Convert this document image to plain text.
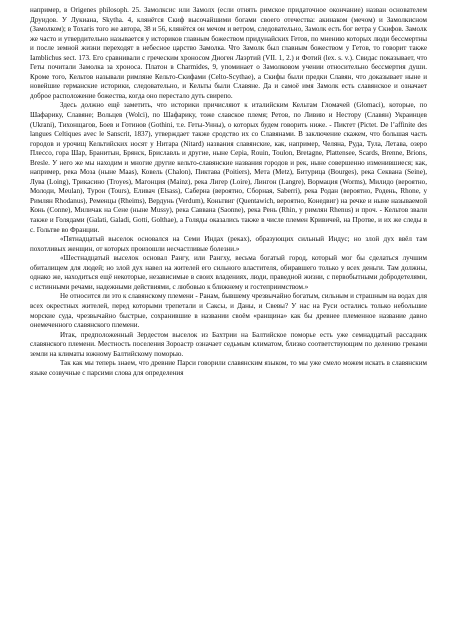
например, в Origenes philosoph. 25. Замолксис или Замолх (если отнять римское придаточное окончание) назван основателем Друидов. У Лукиана, Skytha. 4, клянётся Скиф высочайшими богами своего отечества: акинаком (мечом) и Замолкисном (Замолком); в Toxaris того же автора, 38 и 56, клянётся он мечом и ветром, следовательно, Замолк есть бог ветра у Скифов. Замолк же часто и утвердительно называется у историков главным божеством придунайских Гетов, по мнению которых люди бессмертны и после земной жизни переходят в небесное царство Замолка. Что Замолк был главным божеством у Гетов, то говорит также Iamblichus sect. 173. Его сравнивали с греческим хроносом Диоген Лаэртий (VII. 1, 2.) и Фотий (lex. s. v.). Свидас показывает, что Геты почитали Замолка за хроноса. Платон в Charmides, 9, упоминает о Замолковом учении относительно бессмертия души. Кроме того, Кельтов называли римляне Кельто-Скифами (Celto-Scythae), а Скифы были предки Славян, что доказывает ныне и новейшие германские историки, следовательно, и Кельты были Славяне. Да и самоё имя Замолк есть славянское и означает доброе расположение божества, когда оно перестало дуть свирепо.

Здесь должно ещё заметить, что историки причисляют к италийским Кельтам Гломачей (Glomaci), которые, по Шафарику, Славяне; Вольцев (Wolci), по Шафарику, тоже славское племя; Ретов, по Ливию и Нестору (Славян) Украинцев (Ukrani), Тихонщагов, Боев и Готинов (Gothini, т.е. Геты-Унны), о которых будем говорить ниже. - Пиктет (Pictet. De l’affinite des langues Celtiques avec le Sanscrit, 1837), утверждает также сродство их со Славянами. В заключение скажем, что большая часть городов и урочищ Кельтийских носят у Нитара (Nitard) названия славянские, как, например, Челяна, Руда, Тула, Летава, озеро Плессо, гора Шар, Бранитын, Брянск, Бриславль и другие, ныне Сepia, Rouin, Toulon, Bretagne, Plattensee, Scards, Brenne, Brions, Bresle. У него же мы находим и многие другие кельто-славянские названия городов и рек, ныне совершенно изменившиеся; как, например, река Моза (ныне Maas), Ковель (Chalon), Пиктава (Poitiers), Мета (Metz), Битурица (Bourges), река Секвана (Seine), Лува (Loing), Трикасино (Troyes), Магонция (Mainz), река Лигер (Loire), Лингон (Langre), Вормация (Worms), Милидо (вероятно, Молоди, Meulan), Турон (Tours), Еливач (Elsass), Саберна (вероятно, Сборная, Saberri), река Родан (вероятно, Родень, Rhone, у Римлян Rhodanus), Ременцы (Rheims), Вердунь (Verdum), Коньтвиг (Quentawich, вероятно, Конедвиг) на речке и ныне называемой Конь (Conne), Миличак на Сене (ныне Mussy), река Саввана (Saonne), река Рень (Rhin, у римлян Rhenus) и проч. - Кельтов звали также и Голядами (Galati, Galadi, Gotti, Golthae), а Голяды оказались также в числе племен Кривичей, на Протве, и их же следы в с. Гольтве во Франции.

«Пятнадцатый выселок основался на Семи Индах (рекax), образующих сильный Индус; но злой дух ввёл там похотливых женщин, от которых произошли несчастливые болезни.»

«Шестнадцатый выселок основал Рангу, или Рангху, весьма богатый город, который мог бы сделаться лучшим обиталищем для людей; но злой дух навел на жителей его сильного властителя, обиравшего только у всех деньги. Там должны, однако же, находиться ещё некоторые, независимые в своих владениях, люди, праведной жизни, с первобытными добродетелями, с истинными речами, надежными действиями, с любовью к ближнему и гостеприимством.»

Не относится ли это к славянскому племени - Ранам, бывшему чрезвычайно богатым, сильным и страшным на водах для всех окрестных жителей, перед которыми трепетали и Саксы, и Даны, и Свевы? У нас на Руси остались только небольшие морские суда, чрезвычайно быстрые, сохранившие в названии своём «ранщина» как бы древнее племенное название давно онемеченного славянского племени.

Итак, предположенный Зердестом выселок из Бахтрии на Балтийское поморье есть уже семнадцатый рассадник славянского племени. Местность поселения Зороастр означает седьмым климатом, близко соответствующим по делению греками земли на климаты южному Балтийскому поморью.

Так как мы теперь знаем, что древние Парси говорили славянским языком, то мы уже смело можем искать в славянским языке созвучные с парсими слова для определения
